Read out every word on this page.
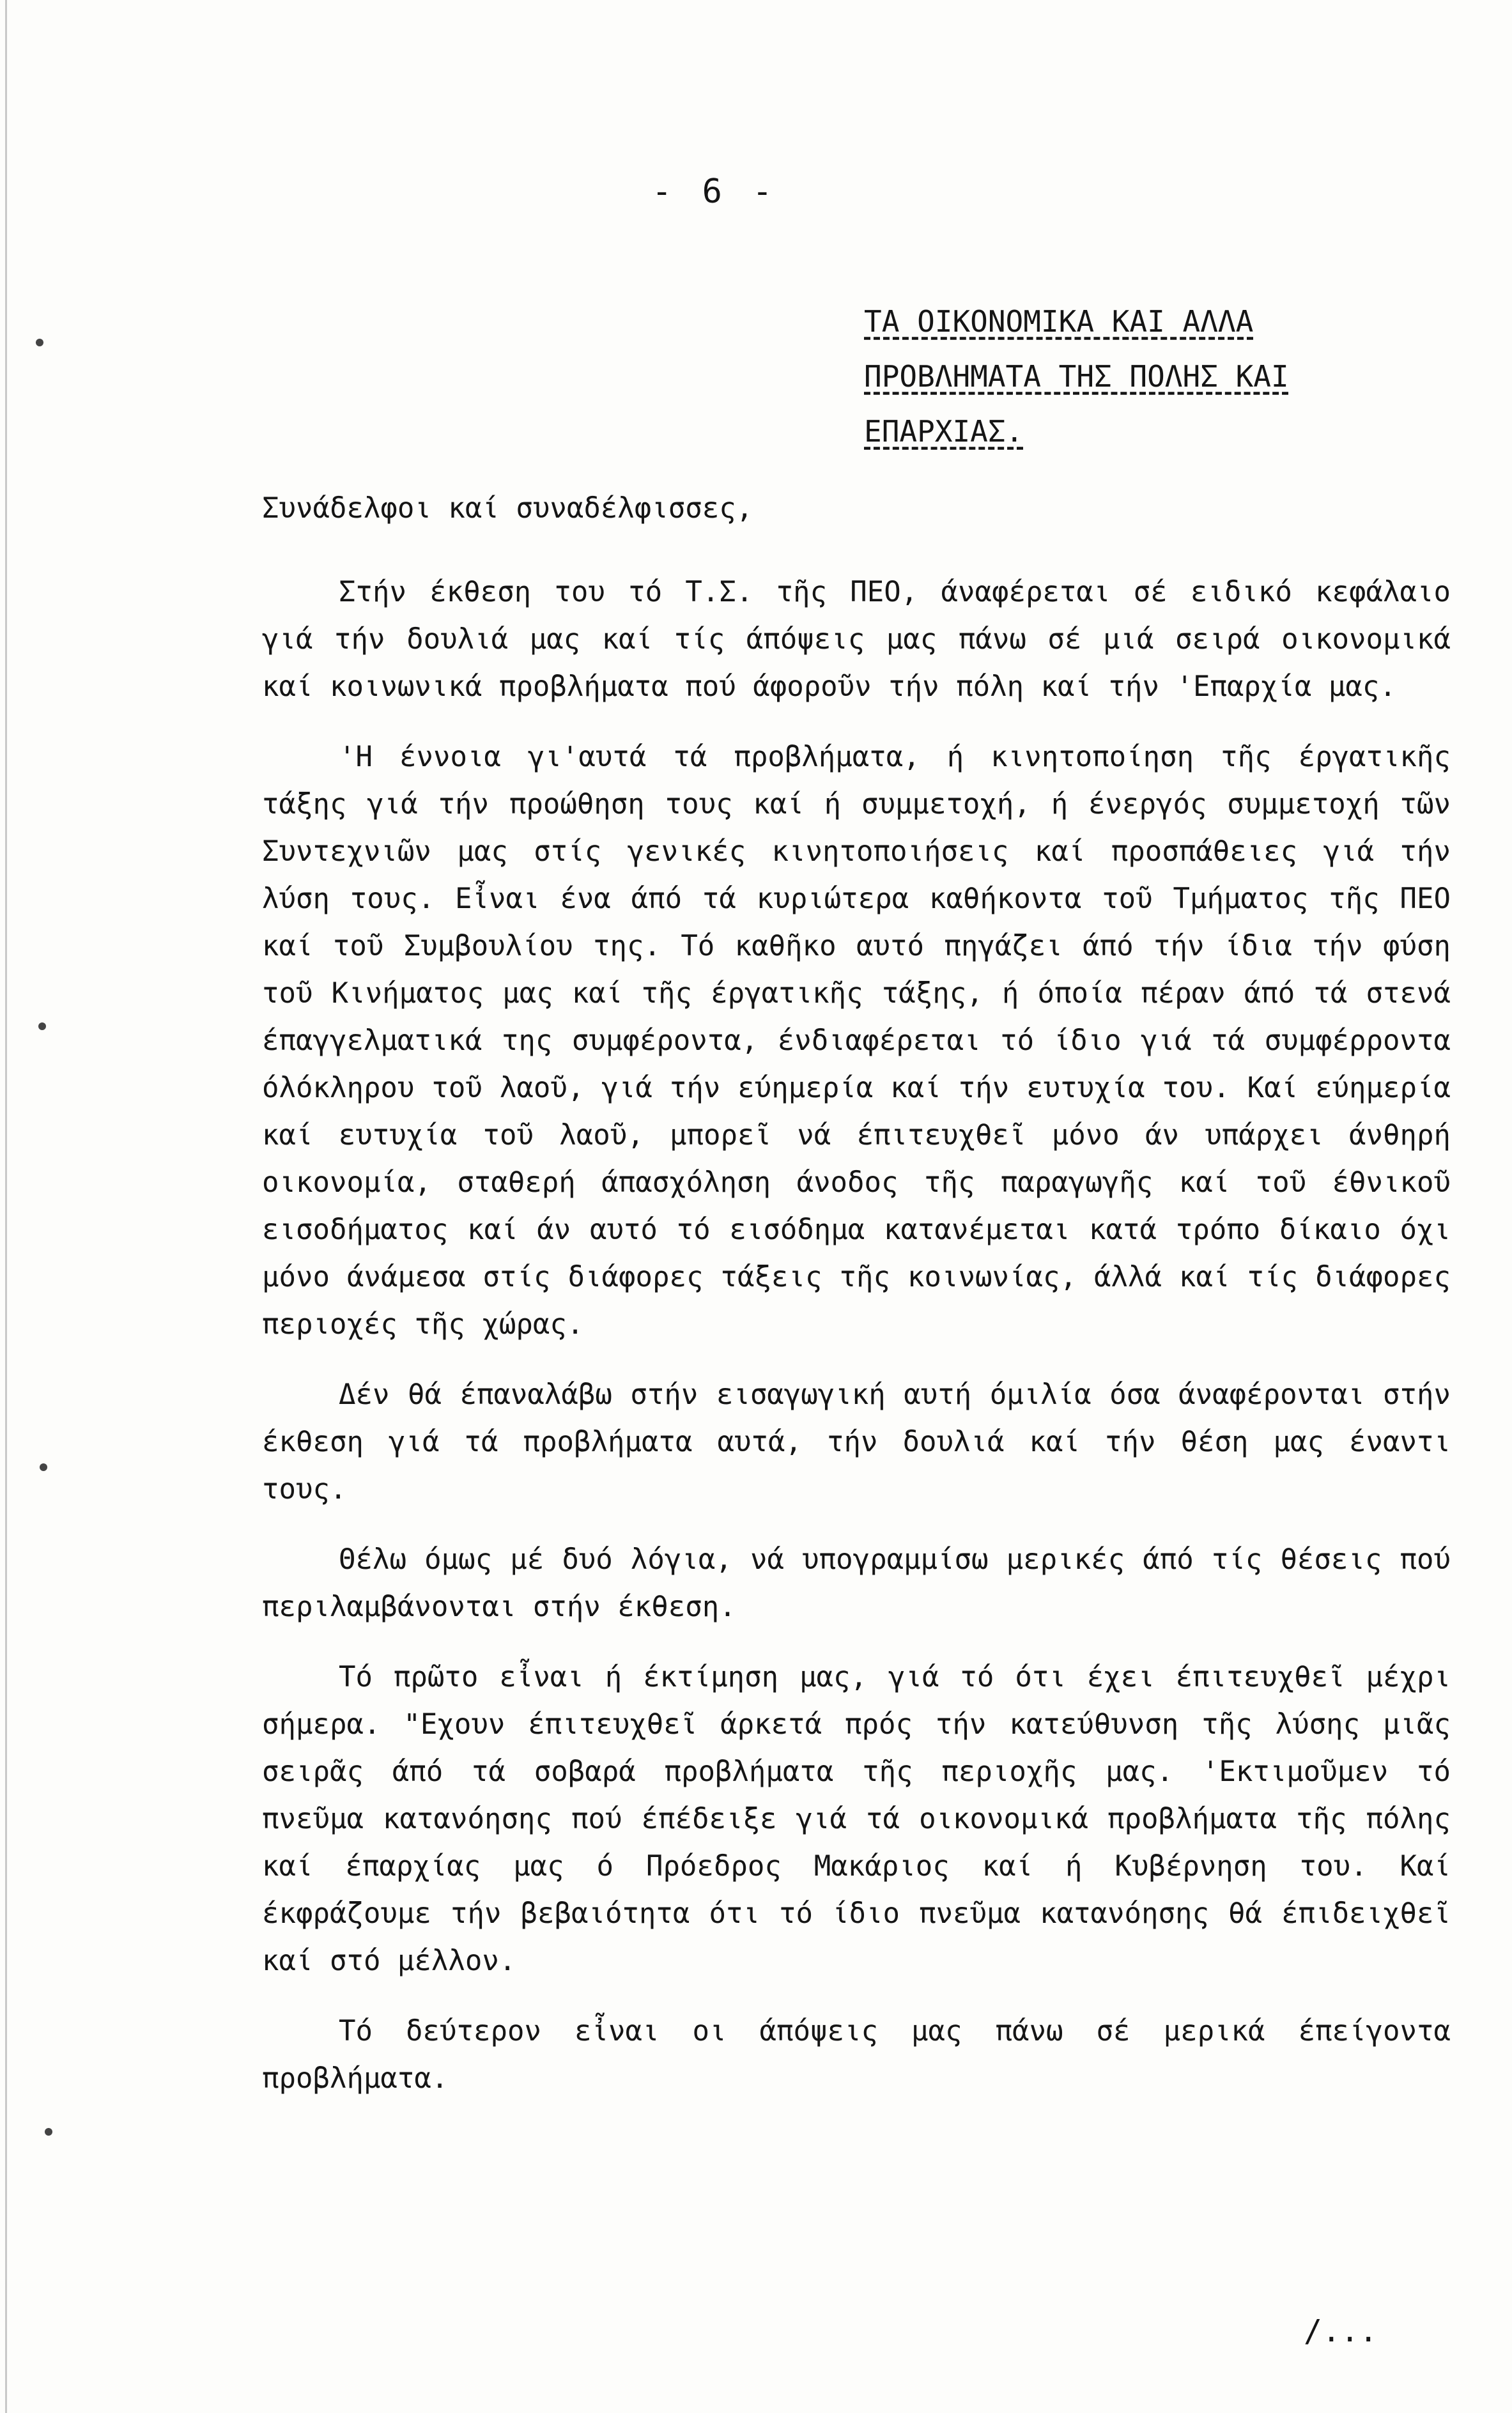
- 6 -
ΤΑ ΟΙΚΟΝΟΜΙΚΑ ΚΑΙ ΑΛΛΑ
ΠΡΟΒΛΗΜΑΤΑ ΤΗΣ ΠΟΛΗΣ ΚΑΙ
ΕΠΑΡΧΙΑΣ.
Συνάδελφοι καί συναδέλφισσες,

Στήν έκθεση του τό Τ.Σ. τῆς ΠΕΟ, άναφέρεται σέ ειδικό κεφάλαιο γιά τήν δουλιά μας καί τίς άπόψεις μας πάνω σέ μιά σειρά οικονομικά καί κοινωνικά προβλήματα πού άφοροῦν τήν πόλη καί τήν 'Επαρχία μας.

'Η έννοια γι'αυτά τά προβλήματα, ή κινητοποίηση τῆς έργατικῆς τάξης γιά τήν προώθηση τους καί ή συμμετοχή, ή ένεργός συμμετοχή τῶν Συντεχνιῶν μας στίς γενικές κινητοποιήσεις καί προσπάθειες γιά τήν λύση τους. Εἶναι ένα άπό τά κυριώτερα καθήκοντα τοῦ Τμήματος τῆς ΠΕΟ καί τοῦ Συμβουλίου της. Τό καθῆκο αυτό πηγάζει άπό τήν ίδια τήν φύση τοῦ Κινήματος μας καί τῆς έργατικῆς τάξης, ή όποία πέραν άπό τά στενά έπαγγελματικά της συμφέροντα, ένδιαφέρεται τό ίδιο γιά τά συμφέρροντα όλόκληρου τοῦ λαοῦ, γιά τήν εύημερία καί τήν ευτυχία του. Καί εύημερία καί ευτυχία τοῦ λαοῦ, μπορεῖ νά έπιτευχθεῖ μόνο άν υπάρχει άνθηρή οικονομία, σταθερή άπασχόληση άνοδος τῆς παραγωγῆς καί τοῦ έθνικοῦ εισοδήματος καί άν αυτό τό εισόδημα κατανέμεται κατά τρόπο δίκαιο όχι μόνο άνάμεσα στίς διάφορες τάξεις τῆς κοινωνίας, άλλά καί τίς διάφορες περιοχές τῆς χώρας.

Δέν θά έπαναλάβω στήν εισαγωγική αυτή όμιλία όσα άναφέρονται στήν έκθεση γιά τά προβλήματα αυτά, τήν δουλιά καί τήν θέση μας έναντι τους.

Θέλω όμως μέ δυό λόγια, νά υπογραμμίσω μερικές άπό τίς θέσεις πού περιλαμβάνονται στήν έκθεση.

Τό πρῶτο εἶναι ή έκτίμηση μας, γιά τό ότι έχει έπιτευχθεῖ μέχρι σήμερα. "Εχουν έπιτευχθεῖ άρκετά πρός τήν κατεύθυνση τῆς λύσης μιᾶς σειρᾶς άπό τά σοβαρά προβλήματα τῆς περιοχῆς μας. 'Εκτιμοῦμεν τό πνεῦμα κατανόησης πού έπέδειξε γιά τά οικονομικά προβλήματα τῆς πόλης καί έπαρχίας μας ό Πρόεδρος Μακάριος καί ή Κυβέρνηση του. Καί έκφράζουμε τήν βεβαιότητα ότι τό ίδιο πνεῦμα κατανόησης θά έπιδειχθεῖ καί στό μέλλον.

Τό δεύτερον εἶναι οι άπόψεις μας πάνω σέ μερικά έπείγοντα προβλήματα.

/...
